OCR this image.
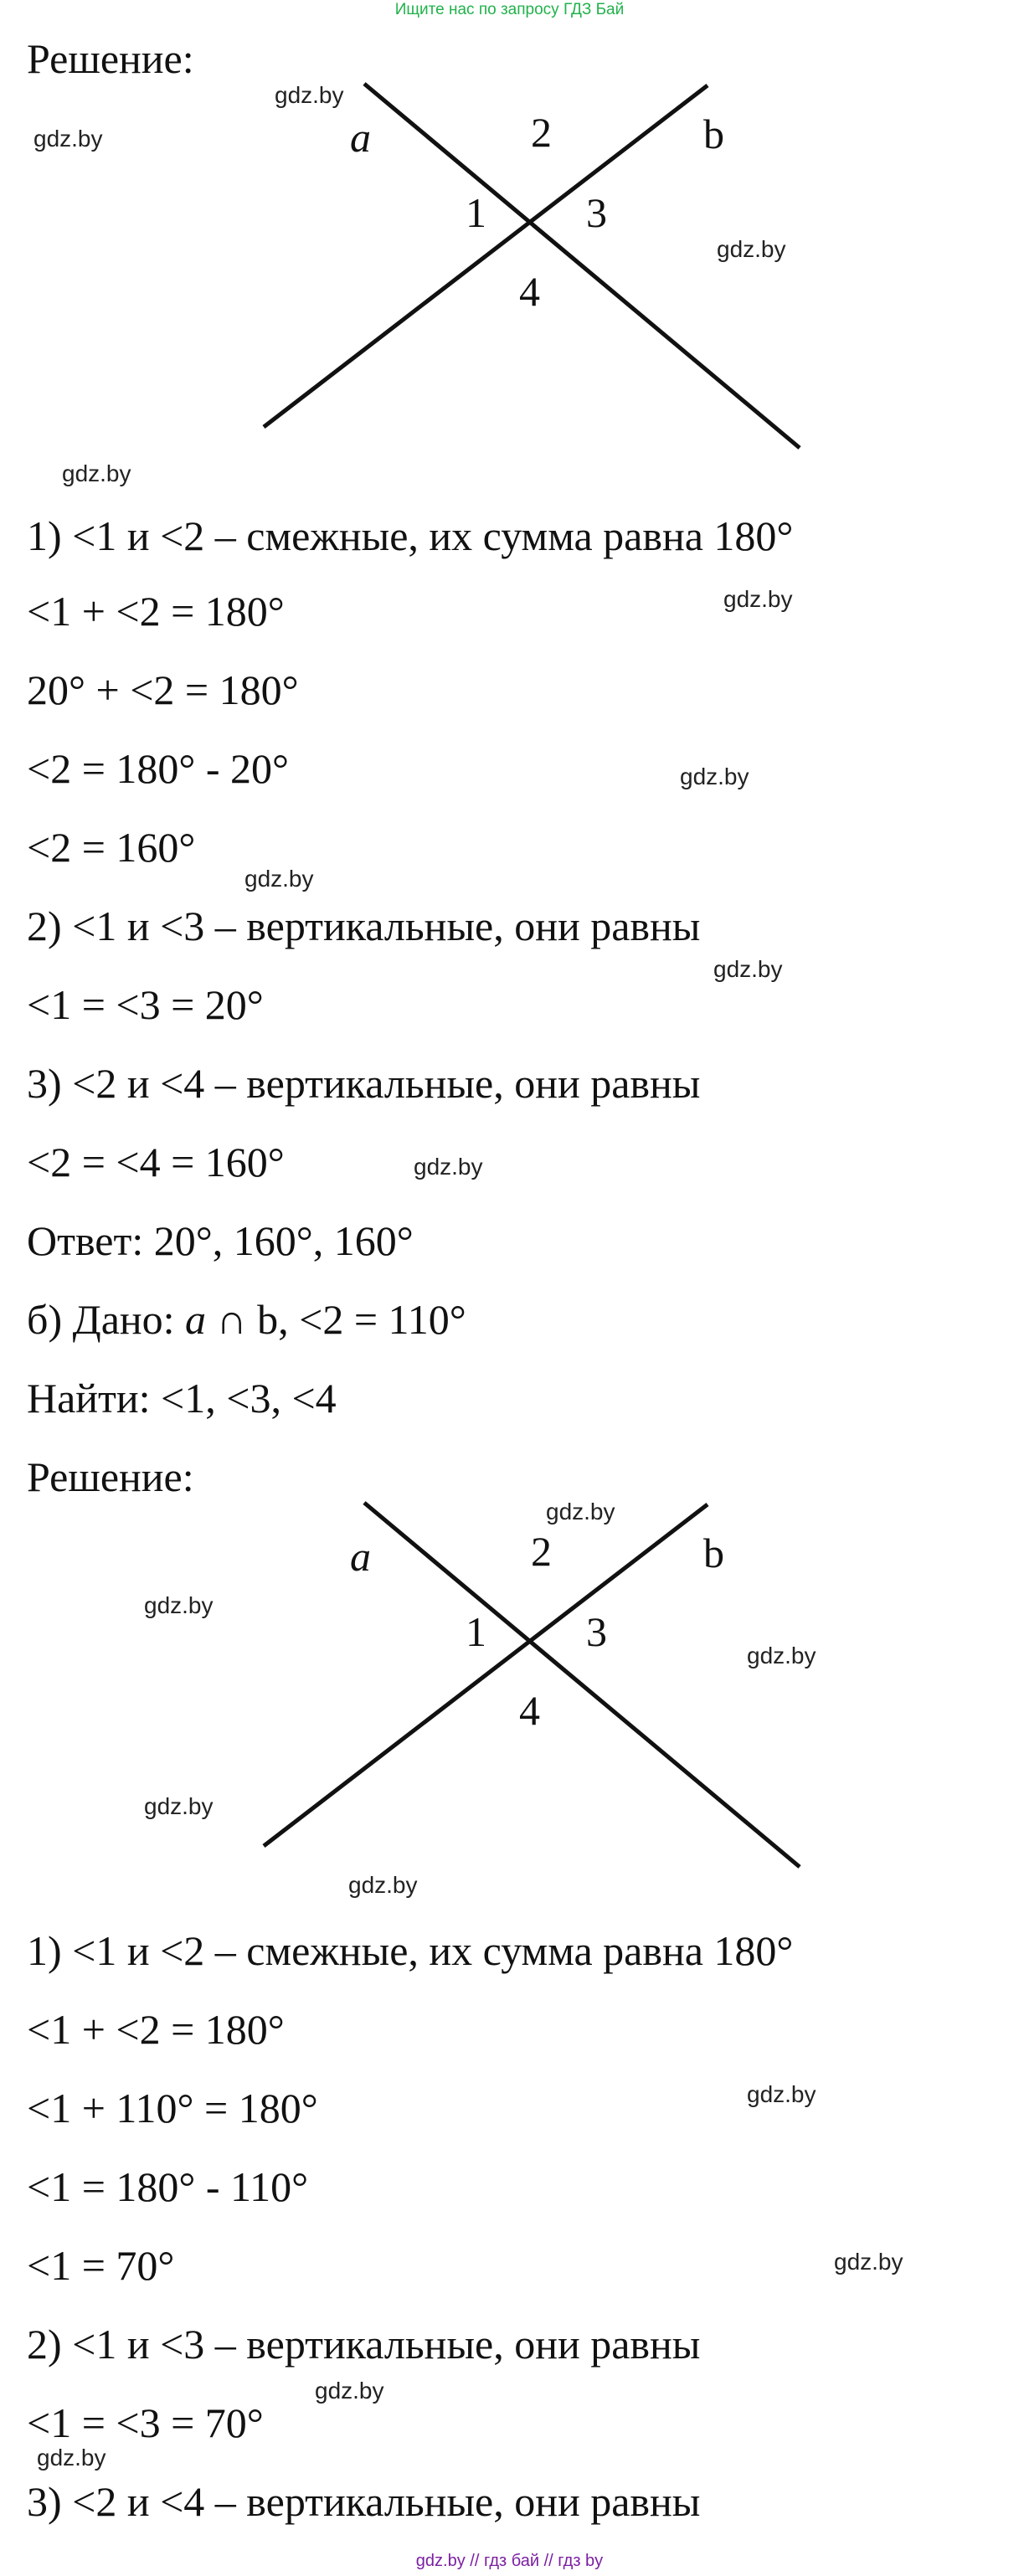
Ищите нас по запросу ГДЗ Бай
Решение:
a	b
2
1 3
4
1) <1 и <2 – смежные, их сумма равна 180°
<1 + <2 = 180°
20° + <2 = 180°
<2 = 180° - 20°
<2 = 160°
2) <1 и <3 – вертикальные, они равны
<1 = <3 = 20°
3) <2 и <4 – вертикальные, они равны
<2 = <4 = 160°
Ответ: 20°, 160°, 160°
б) Дано: a ∩ b, <2 = 110°
Найти: <1, <3, <4
Решение:
a	b
2
1 3
4
1) <1 и <2 – смежные, их сумма равна 180°
<1 + <2 = 180°
<1 + 110° = 180°
<1 = 180° - 110°
<1 = 70°
2) <1 и <3 – вертикальные, они равны
<1 = <3 = 70°
3) <2 и <4 – вертикальные, они равны
gdz.by
gdz.by
gdz.by
gdz.by
gdz.by
gdz.by
gdz.by
gdz.by
gdz.by
gdz.by
gdz.by
gdz.by
gdz.by
gdz.by
gdz.by
gdz.by
gdz.by
gdz.by
gdz.by // гдз бай // гдз by
